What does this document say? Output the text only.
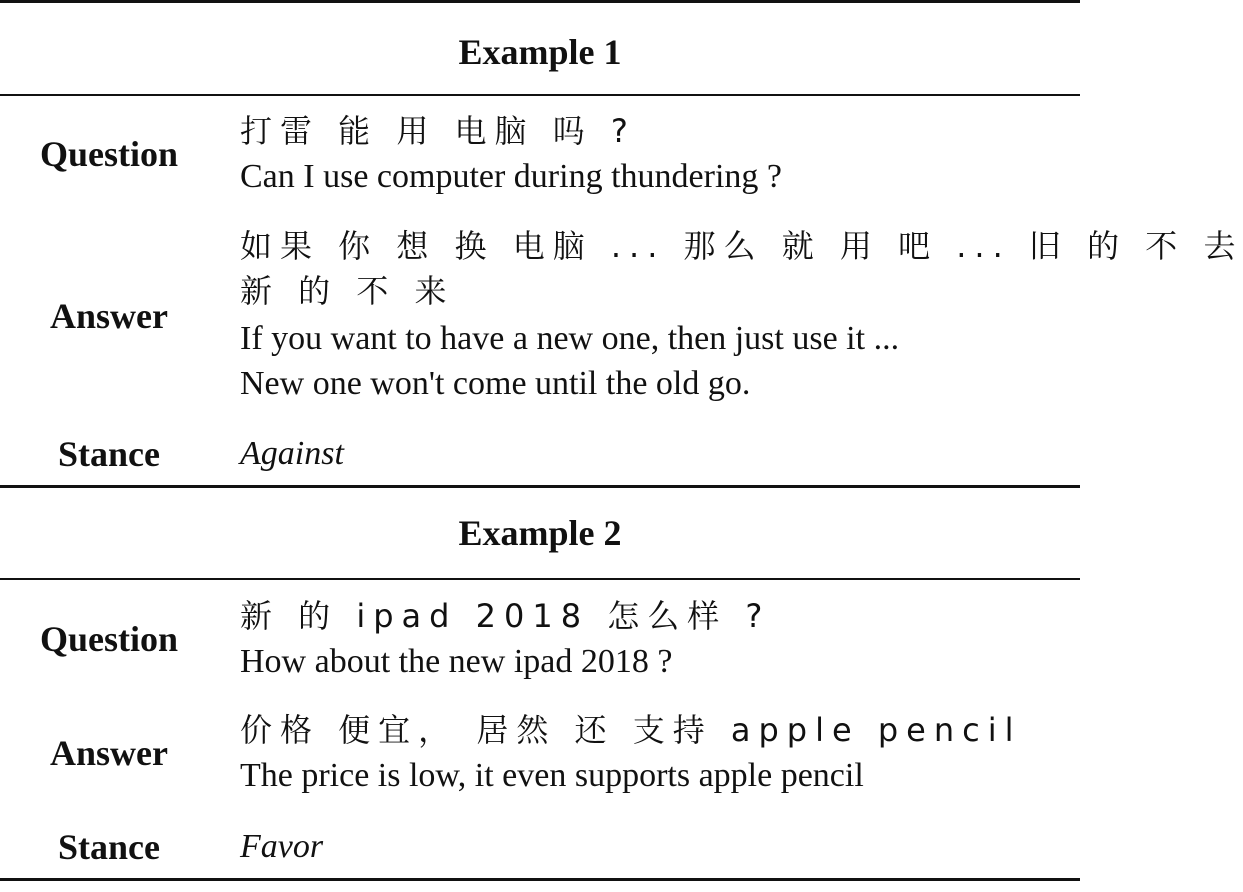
Example 1
Question
打雷 能 用 电脑 吗 ?
Can I use computer during thundering ?
Answer
如果 你 想 换 电脑 ... 那么 就 用 吧 ... 旧 的 不 去
新 的 不 来
If you want to have a new one, then just use it ...
New one won't come until the old go.
Stance	Against
Example 2
Question
新 的 ipad 2018 怎么样 ?
How about the new ipad 2018 ?
Answer
价格 便宜， 居然 还 支持 apple pencil
The price is low, it even supports apple pencil
Stance	Favor
